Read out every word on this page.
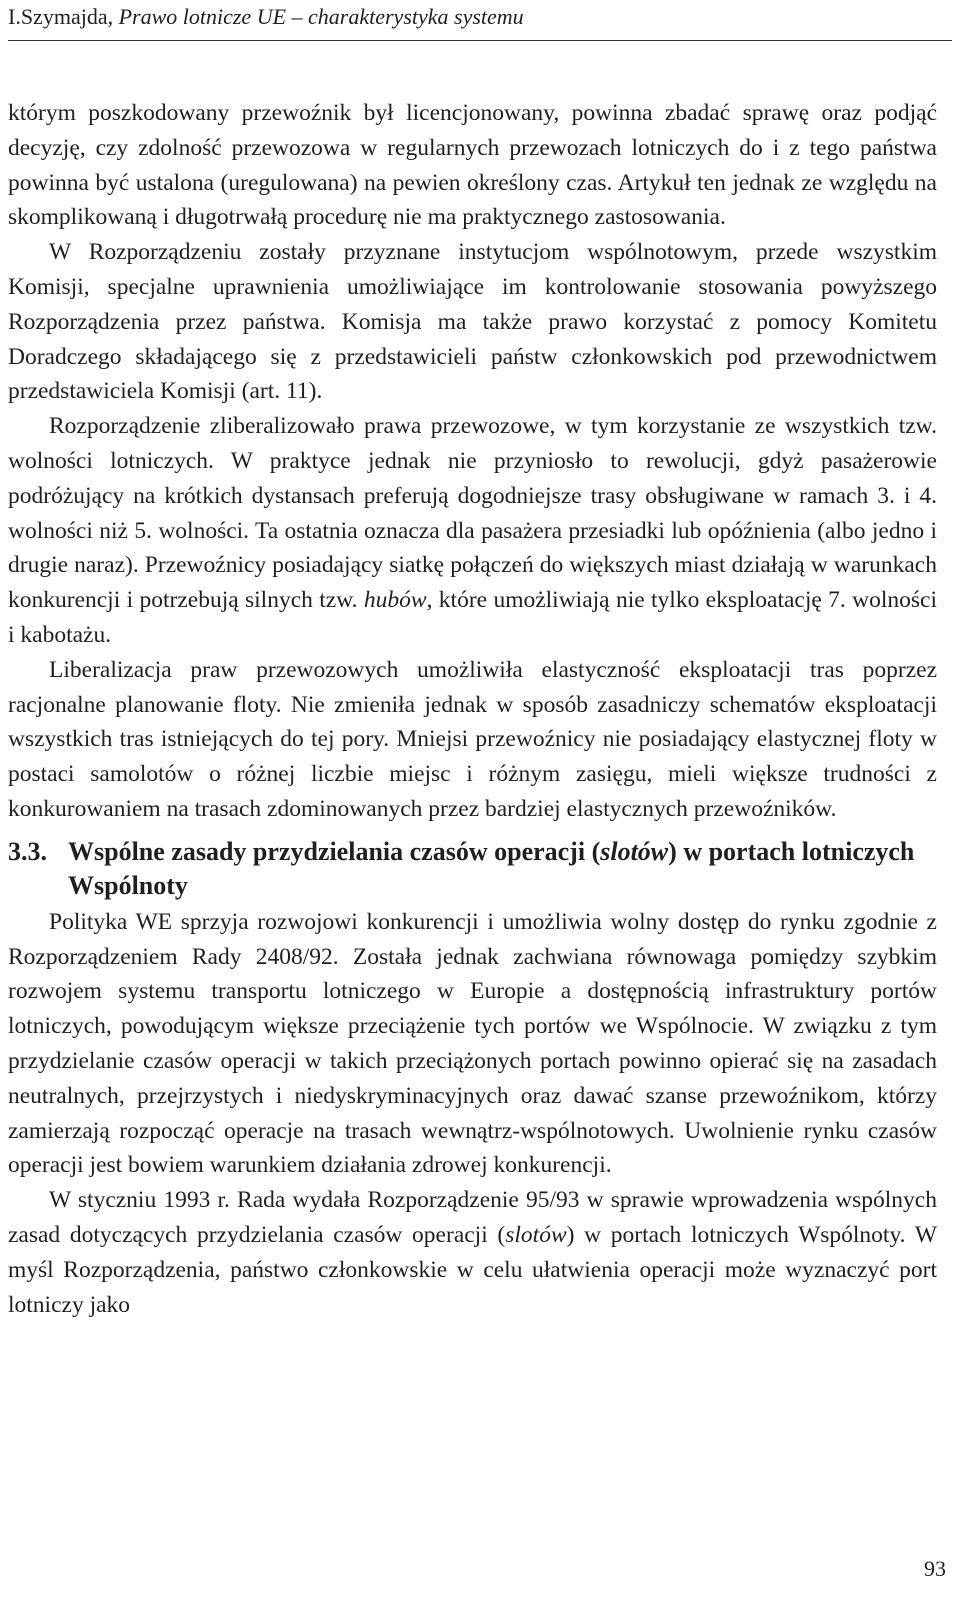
I.Szymajda, Prawo lotnicze UE – charakterystyka systemu

którym poszkodowany przewoźnik był licencjonowany, powinna zbadać sprawę oraz podjąć decyzję, czy zdolność przewozowa w regularnych przewozach lotniczych do i z tego państwa powinna być ustalona (uregulowana) na pewien określony czas. Artykuł ten jednak ze względu na skomplikowaną i długotrwałą procedurę nie ma praktycznego zastosowania.

W Rozporządzeniu zostały przyznane instytucjom wspólnotowym, przede wszystkim Komisji, specjalne uprawnienia umożliwiające im kontrolowanie stosowania powyższego Rozporządzenia przez państwa. Komisja ma także prawo korzystać z pomocy Komitetu Doradczego składającego się z przedstawicieli państw członkowskich pod przewodnictwem przedstawiciela Komisji (art. 11).

Rozporządzenie zliberalizowało prawa przewozowe, w tym korzystanie ze wszystkich tzw. wolności lotniczych. W praktyce jednak nie przyniosło to rewolucji, gdyż pasażerowie podróżujący na krótkich dystansach preferują dogodniejsze trasy obsługiwane w ramach 3. i 4. wolności niż 5. wolności. Ta ostatnia oznacza dla pasażera przesiadki lub opóźnienia (albo jedno i drugie naraz). Przewoźnicy posiadający siatkę połączeń do większych miast działają w warunkach konkurencji i potrzebują silnych tzw. hubów, które umożliwiają nie tylko eksploatację 7. wolności i kabotażu.

Liberalizacja praw przewozowych umożliwiła elastyczność eksploatacji tras poprzez racjonalne planowanie floty. Nie zmieniła jednak w sposób zasadniczy schematów eksploatacji wszystkich tras istniejących do tej pory. Mniejsi przewoźnicy nie posiadający elastycznej floty w postaci samolotów o różnej liczbie miejsc i różnym zasięgu, mieli większe trudności z konkurowaniem na trasach zdominowanych przez bardziej elastycznych przewoźników.

3.3. Wspólne zasady przydzielania czasów operacji (slotów) w portach lotniczych Wspólnoty

Polityka WE sprzyja rozwojowi konkurencji i umożliwia wolny dostęp do rynku zgodnie z Rozporządzeniem Rady 2408/92. Została jednak zachwiana równowaga pomiędzy szybkim rozwojem systemu transportu lotniczego w Europie a dostępnością infrastruktury portów lotniczych, powodującym większe przeciążenie tych portów we Wspólnocie. W związku z tym przydzielanie czasów operacji w takich przeciążonych portach powinno opierać się na zasadach neutralnych, przejrzystych i niedyskryminacyjnych oraz dawać szanse przewoźnikom, którzy zamierzają rozpocząć operacje na trasach wewnątrz-wspólnotowych. Uwolnienie rynku czasów operacji jest bowiem warunkiem działania zdrowej konkurencji.

W styczniu 1993 r. Rada wydała Rozporządzenie 95/93 w sprawie wprowadzenia wspólnych zasad dotyczących przydzielania czasów operacji (slotów) w portach lotniczych Wspólnoty. W myśl Rozporządzenia, państwo członkowskie w celu ułatwienia operacji może wyznaczyć port lotniczy jako

93
